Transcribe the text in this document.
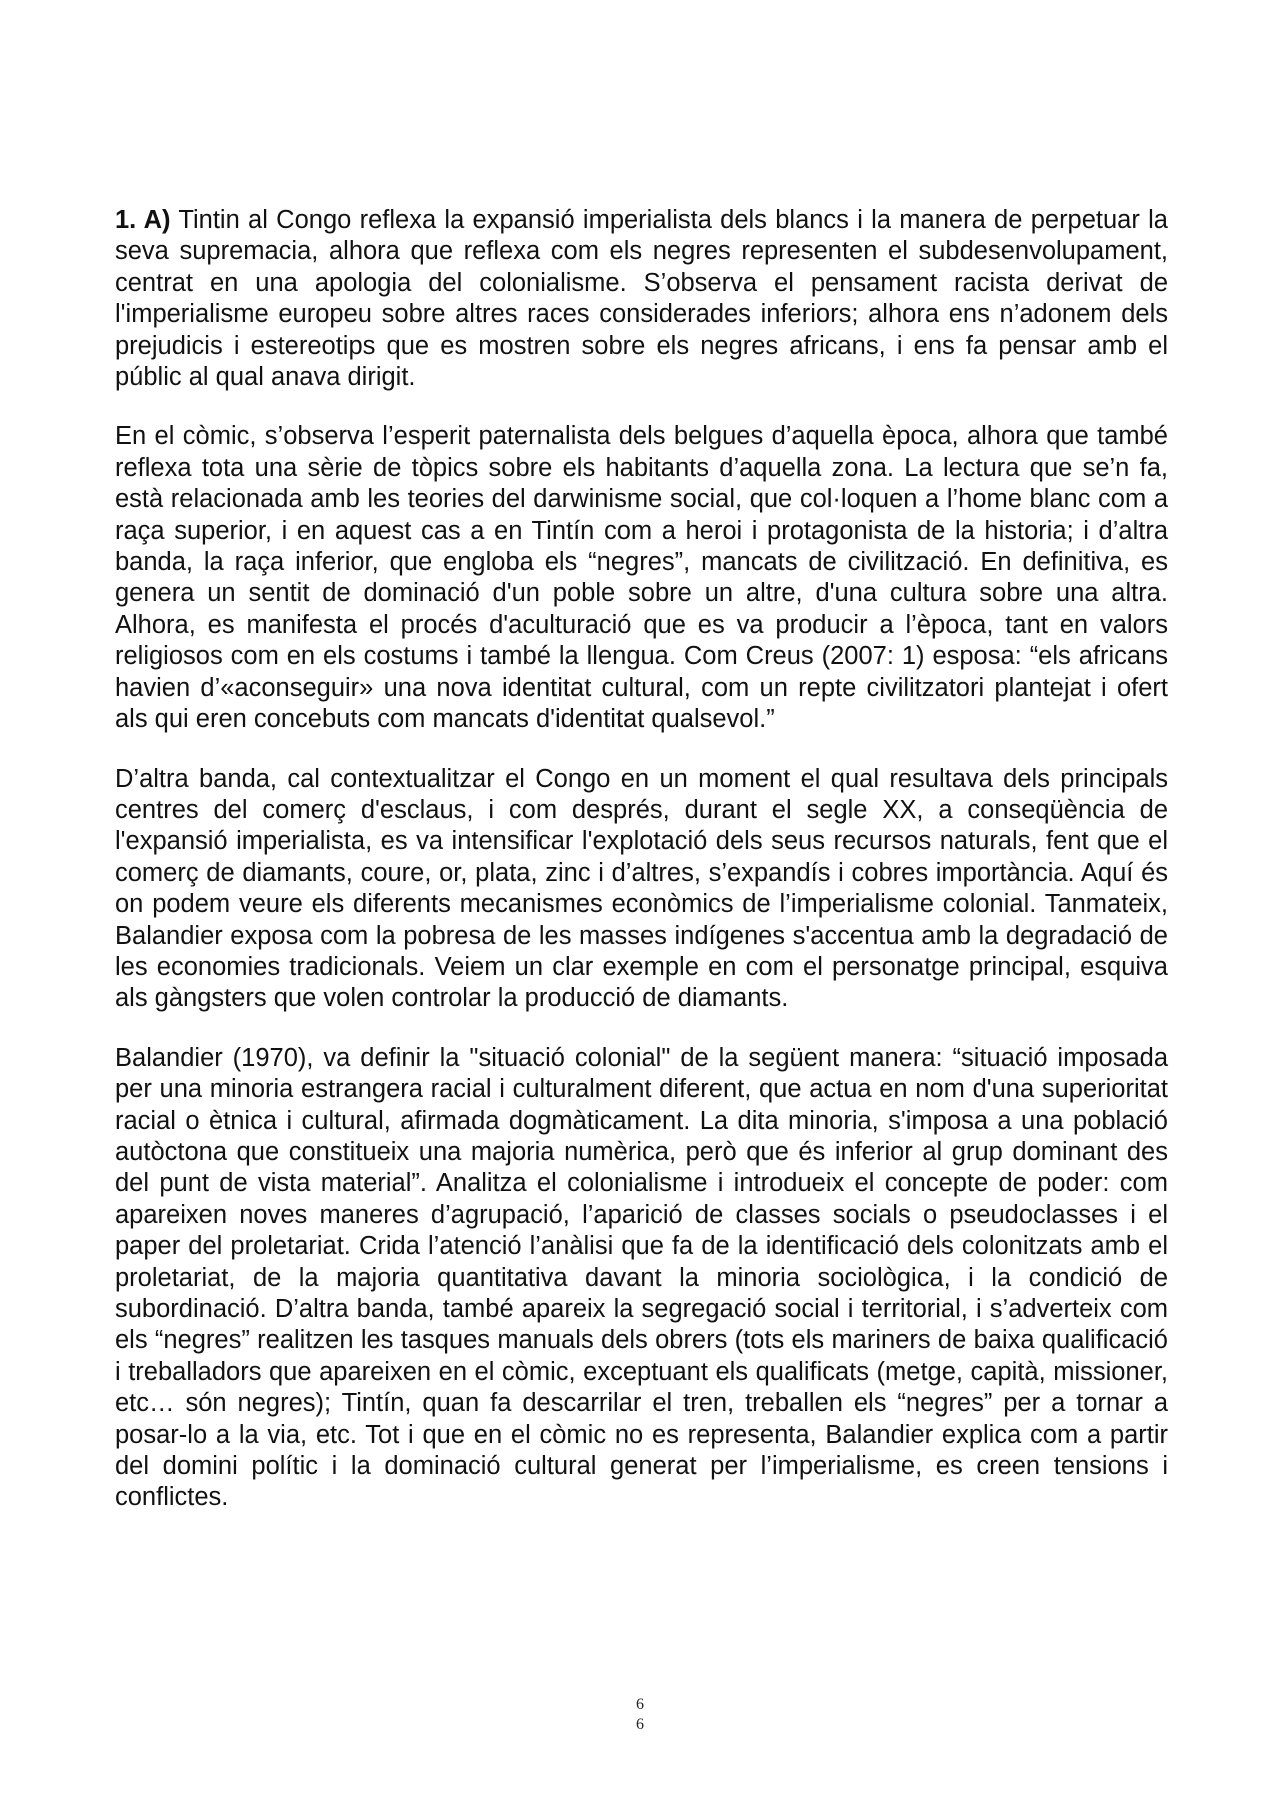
1. A) Tintin al Congo reflexa la expansió imperialista dels blancs i la manera de perpetuar la seva supremacia, alhora que reflexa com els negres representen el subdesenvolupament, centrat en una apologia del colonialisme. S’observa el pensament racista derivat de l'imperialisme europeu sobre altres races considerades inferiors; alhora ens n’adonem dels prejudicis i estereotips que es mostren sobre els negres africans, i ens fa pensar amb el públic al qual anava dirigit.

En el còmic, s’observa l’esperit paternalista dels belgues d’aquella època, alhora que també reflexa tota una sèrie de tòpics sobre els habitants d’aquella zona. La lectura que se’n fa, està relacionada amb les teories del darwinisme social, que col·loquen a l’home blanc com a raça superior, i en aquest cas a en Tintín com a heroi i protagonista de la historia; i d’altra banda, la raça inferior, que engloba els “negres”, mancats de civilització. En definitiva, es genera un sentit de dominació d'un poble sobre un altre, d'una cultura sobre una altra. Alhora, es manifesta el procés d'aculturació que es va producir a l’època, tant en valors religiosos com en els costums i també la llengua. Com Creus (2007: 1) esposa: “els africans havien d’«aconseguir» una nova identitat cultural, com un repte civilitzatori plantejat i ofert als qui eren concebuts com mancats d'identitat qualsevol.”

D’altra banda, cal contextualitzar el Congo en un moment el qual resultava dels principals centres del comerç d'esclaus, i com després, durant el segle XX, a conseqüència de l'expansió imperialista, es va intensificar l'explotació dels seus recursos naturals, fent que el comerç de diamants, coure, or, plata, zinc i d’altres, s’expandís i cobres importància. Aquí és on podem veure els diferents mecanismes econòmics de l’imperialisme colonial. Tanmateix, Balandier exposa com la pobresa de les masses indígenes s'accentua amb la degradació de les economies tradicionals. Veiem un clar exemple en com el personatge principal, esquiva als gàngsters que volen controlar la producció de diamants.

Balandier (1970), va definir la "situació colonial" de la següent manera: “situació imposada per una minoria estrangera racial i culturalment diferent, que actua en nom d'una superioritat racial o ètnica i cultural, afirmada dogmàticament. La dita minoria, s'imposa a una població autòctona que constitueix una majoria numèrica, però que és inferior al grup dominant des del punt de vista material”. Analitza el colonialisme i introdueix el concepte de poder: com apareixen noves maneres d’agrupació, l’aparició de classes socials o pseudoclasses i el paper del proletariat. Crida l’atenció l’anàlisi que fa de la identificació dels colonitzats amb el proletariat, de la majoria quantitativa davant la minoria sociològica, i la condició de subordinació. D’altra banda, també apareix la segregació social i territorial, i s’adverteix com els “negres” realitzen les tasques manuals dels obrers (tots els mariners de baixa qualificació i treballadors que apareixen en el còmic, exceptuant els qualificats (metge, capità, missioner, etc… són negres); Tintín, quan fa descarrilar el tren, treballen els “negres” per a tornar a posar-lo a la via, etc. Tot i que en el còmic no es representa, Balandier explica com a partir del domini polític i la dominació cultural generat per l’imperialisme, es creen tensions i conflictes.

6
6
